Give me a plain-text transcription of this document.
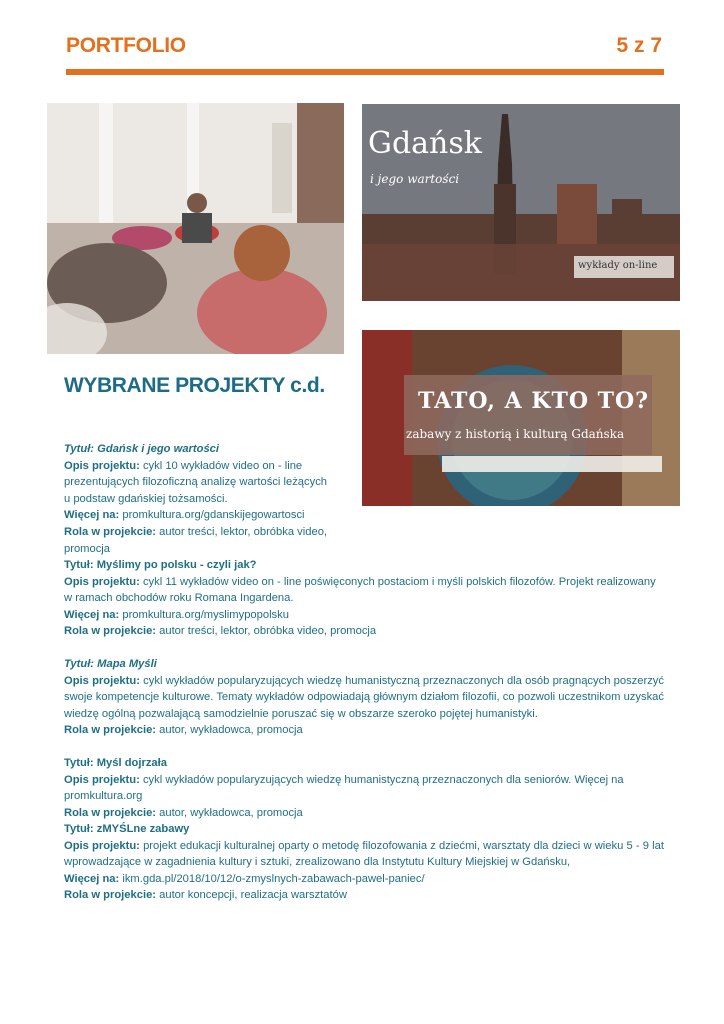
PORTFOLIO	5 z 7
Gdańsk
i jego wartości
wykłady on-line
TATO, A KTO TO?
zabawy z historią i kulturą Gdańska
WYBRANE PROJEKTY c.d.

Tytuł: Gdańsk i jego wartości

Opis projektu: cykl 10 wykładów video on - line

prezentujących filozoficzną analizę wartości leżących

u podstaw gdańskiej tożsamości.

Więcej na: promkultura.org/gdanskijegowartosci

Rola w projekcie: autor treści, lektor, obróbka video, promocja

Tytuł: Myślimy po polsku - czyli jak?

Opis projektu: cykl 11 wykładów video on - line poświęconych postaciom i myśli polskich filozofów. Projekt realizowany w ramach obchodów roku Romana Ingardena.

Więcej na: promkultura.org/myslimypopolsku

Rola w projekcie: autor treści, lektor, obróbka video, promocja

Tytuł: Mapa Myśli

Opis projektu: cykl wykładów popularyzujących wiedzę humanistyczną przeznaczonych dla osób pragnących poszerzyć swoje kompetencje kulturowe. Tematy wykładów odpowiadają głównym działom filozofii, co pozwoli uczestnikom uzyskać wiedzę ogólną pozwalającą samodzielnie poruszać się w obszarze szeroko pojętej humanistyki.

Rola w projekcie: autor, wykładowca, promocja

Tytuł: Myśl dojrzała

Opis projektu: cykl wykładów popularyzujących wiedzę humanistyczną przeznaczonych dla seniorów. Więcej na promkultura.org

Rola w projekcie: autor, wykładowca, promocja

Tytuł: zMYŚLne zabawy

Opis projektu: projekt edukacji kulturalnej oparty o metodę filozofowania z dziećmi, warsztaty dla dzieci w wieku 5 - 9 lat wprowadzające w zagadnienia kultury i sztuki, zrealizowano dla Instytutu Kultury Miejskiej w Gdańsku,

Więcej na: ikm.gda.pl/2018/10/12/o-zmyslnych-zabawach-pawel-paniec/

Rola w projekcie: autor koncepcji, realizacja warsztatów
